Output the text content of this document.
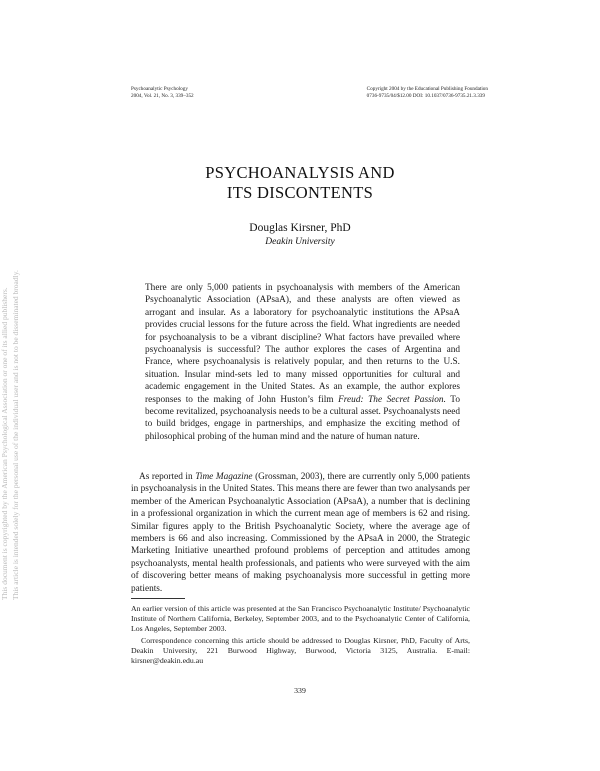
This document is copyrighted by the American Psychological Association or one of its allied publishers. This article is intended solely for the personal use of the individual user and is not to be disseminated broadly.
Psychoanalytic Psychology
2004, Vol. 21, No. 3, 339–352
Copyright 2004 by the Educational Publishing Foundation
0736-9735/04/$12.00 DOI: 10.1037/0736-9735.21.3.339
PSYCHOANALYSIS AND
ITS DISCONTENTS
Douglas Kirsner, PhD
Deakin University

There are only 5,000 patients in psychoanalysis with members of the American Psychoanalytic Association (APsaA), and these analysts are often viewed as arrogant and insular. As a laboratory for psychoanalytic institutions the APsaA provides crucial lessons for the future across the field. What ingredients are needed for psychoanalysis to be a vibrant discipline? What factors have prevailed where psychoanalysis is successful? The author explores the cases of Argentina and France, where psychoanalysis is relatively popular, and then returns to the U.S. situation. Insular mind-sets led to many missed opportunities for cultural and academic engagement in the United States. As an example, the author explores responses to the making of John Huston’s film Freud: The Secret Passion. To become revitalized, psychoanalysis needs to be a cultural asset. Psychoanalysts need to build bridges, engage in partnerships, and emphasize the exciting method of philosophical probing of the human mind and the nature of human nature.

As reported in Time Magazine (Grossman, 2003), there are currently only 5,000 patients in psychoanalysis in the United States. This means there are fewer than two analysands per member of the American Psychoanalytic Association (APsaA), a number that is declining in a professional organization in which the current mean age of members is 62 and rising. Similar figures apply to the British Psychoanalytic Society, where the average age of members is 66 and also increasing. Commissioned by the APsaA in 2000, the Strategic Marketing Initiative unearthed profound problems of perception and attitudes among psychoanalysts, mental health professionals, and patients who were surveyed with the aim of discovering better means of making psychoanalysis more successful in getting more patients.

An earlier version of this article was presented at the San Francisco Psychoanalytic Institute/ Psychoanalytic Institute of Northern California, Berkeley, September 2003, and to the Psychoanalytic Center of California, Los Angeles, September 2003.

Correspondence concerning this article should be addressed to Douglas Kirsner, PhD, Faculty of Arts, Deakin University, 221 Burwood Highway, Burwood, Victoria 3125, Australia. E-mail: kirsner@deakin.edu.au

339
